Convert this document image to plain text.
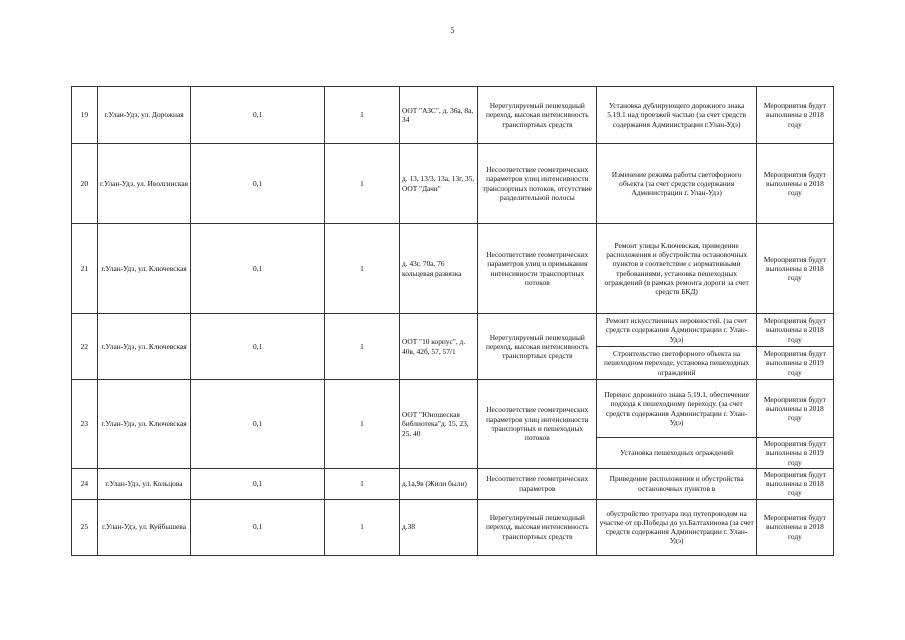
5
19	г.Улан-Удэ, ул. Дорожная	0,1	1	ООТ "АЗС", д. 36а, 8а, 34	Нерегулируемый пешеходный переход, высокая интенсивность транспортных средств	Установка дублирующего дорожного знака 5.19.1 над проезжей частью (за счет средств содержания Администрации г.Улан-Удэ)	Мероприятия будут выполнены в 2018 году
20	г.Улан-Удэ, ул. Иволгинская	0,1	1	д. 13, 13/3, 13а, 13г, 35, ООТ "Дачи"	Несоответствие геометрических параметров улиц интенсивности транспортных потоков, отсутствие разделительной полосы	Изменение режима работы светофорного объекта (за счет средств содержания Администрации г. Улан-Удэ)	Мероприятия будут выполнены в 2018 году
21	г.Улан-Удэ, ул. Ключевская	0,1	1	д. 43г, 70а, 76 кольцевая развязка	Несоответствие геометрических параметров улиц и примыкания интенсивности транспортных потоков	Ремонт улицы Ключевская, приведение расположения и обустройства остановочных пунктов в соответствие с нормативными требованиями, установка пешеходных ограждений (в рамках ремонта дороги за счет средств БКД)	Мероприятия будут выполнены в 2018 году
22	г.Улан-Удэ, ул. Ключевская	0,1	1	ООТ "10 корпус", д. 40в, 42б, 57, 57/1	Нерегулируемый пешеходный переход, высокая интенсивность транспортных средств	Ремонт искусственных неровностей. (за счет средств содержания Администрации г. Улан-Удэ)	Мероприятия будут выполнены в 2018 году
						Строительство светофорного объекта на пешеходном переходе, установка пешеходных ограждений	Мероприятия будут выполнены в 2019 году
23	г.Улан-Удэ, ул. Ключевская	0,1	1	ООТ "Юношеская библиотека"д. 15, 23, 25, 40	Несоответствие геометрических параметров улиц интенсивности транспортных и пешеходных потоков	Перенос дорожного знака 5.19.1, обеспечение подхода к пешеходному переходу. (за счет средств содержания Администрации г. Улан-Удэ)	Мероприятия будут выполнены в 2018 году
						Установка пешеходных ограждений	Мероприятия будут выполнены в 2019 году
24	г.Улан-Удэ, ул. Кольцова	0,1	1	д.1а,9в (Жили были)	Несоответствие геометрических параметров	Приведение расположения и обустройства остановочных пунктов в	Мероприятия будут выполнены в 2018 году
25	г.Улан-Удэ, ул. Куйбышева	0,1	1	д.38	Нерегулируемый пешеходный переход, высокая интенсивность транспортных средств	обустройство тротуара под путепроводом на участке от пр.Победы до ул.Балтахинова (за счет средств содержания Администрации г. Улан-Удэ)	Мероприятия будут выполнены в 2018 году
